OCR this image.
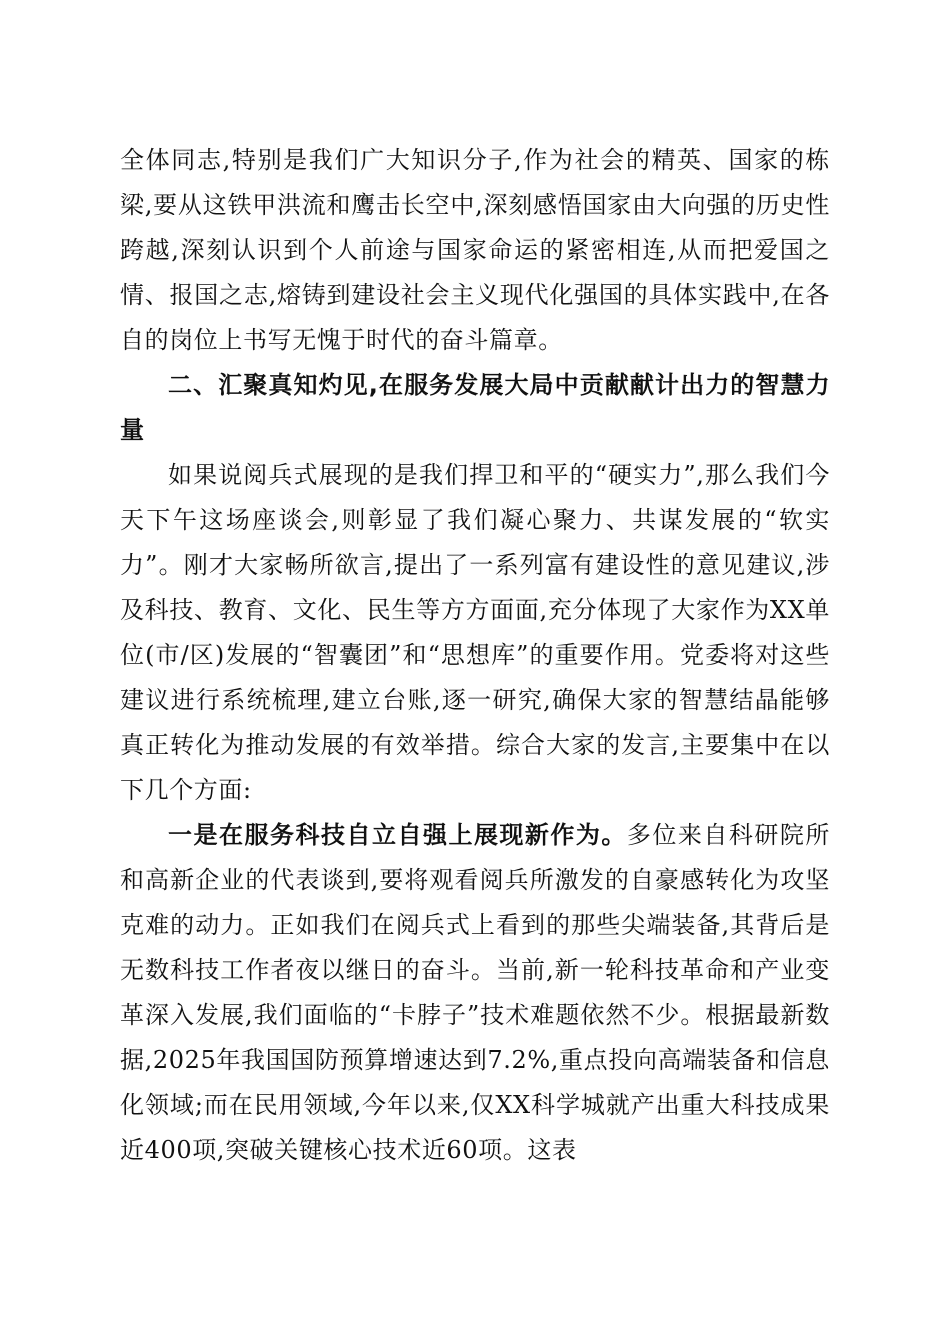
全体同志,特别是我们广大知识分子,作为社会的精英、国家的栋梁,要从这铁甲洪流和鹰击长空中,深刻感悟国家由大向强的历史性跨越,深刻认识到个人前途与国家命运的紧密相连,从而把爱国之情、报国之志,熔铸到建设社会主义现代化强国的具体实践中,在各自的岗位上书写无愧于时代的奋斗篇章。

二、汇聚真知灼见,在服务发展大局中贡献献计出力的智慧力量

如果说阅兵式展现的是我们捍卫和平的“硬实力”,那么我们今天下午这场座谈会,则彰显了我们凝心聚力、共谋发展的“软实力”。刚才大家畅所欲言,提出了一系列富有建设性的意见建议,涉及科技、教育、文化、民生等方方面面,充分体现了大家作为XX单位(市/区)发展的“智囊团”和“思想库”的重要作用。党委将对这些建议进行系统梳理,建立台账,逐一研究,确保大家的智慧结晶能够真正转化为推动发展的有效举措。综合大家的发言,主要集中在以下几个方面:

一是在服务科技自立自强上展现新作为。多位来自科研院所和高新企业的代表谈到,要将观看阅兵所激发的自豪感转化为攻坚克难的动力。正如我们在阅兵式上看到的那些尖端装备,其背后是无数科技工作者夜以继日的奋斗。当前,新一轮科技革命和产业变革深入发展,我们面临的“卡脖子”技术难题依然不少。根据最新数据,2025年我国国防预算增速达到7.2%,重点投向高端装备和信息化领域;而在民用领域,今年以来,仅XX科学城就产出重大科技成果近400项,突破关键核心技术近60项。这表
